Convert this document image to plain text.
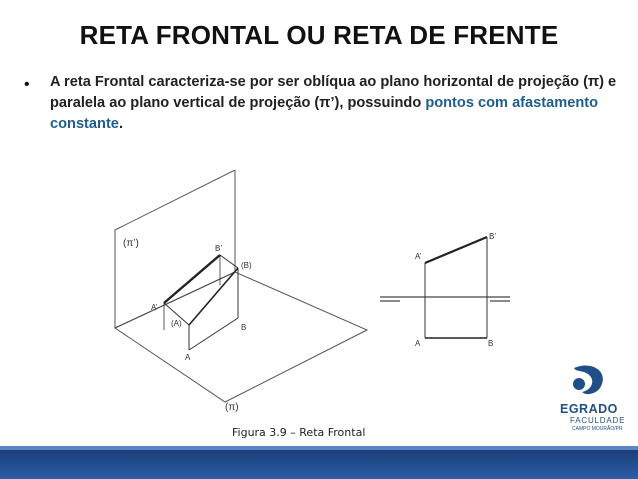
RETA FRONTAL OU RETA DE FRENTE
• A reta Frontal caracteriza-se por ser oblíqua ao plano horizontal de projeção (π) e paralela ao plano vertical de projeção (π’), possuindo pontos com afastamento constante.
(π’)
(π)
B’
(B)
A’
(A)
A
B
A’
B’
A	B
Figura 3.9 – Reta Frontal
EGRADO
FACULDADE
CAMPO MOURÃO/PR
